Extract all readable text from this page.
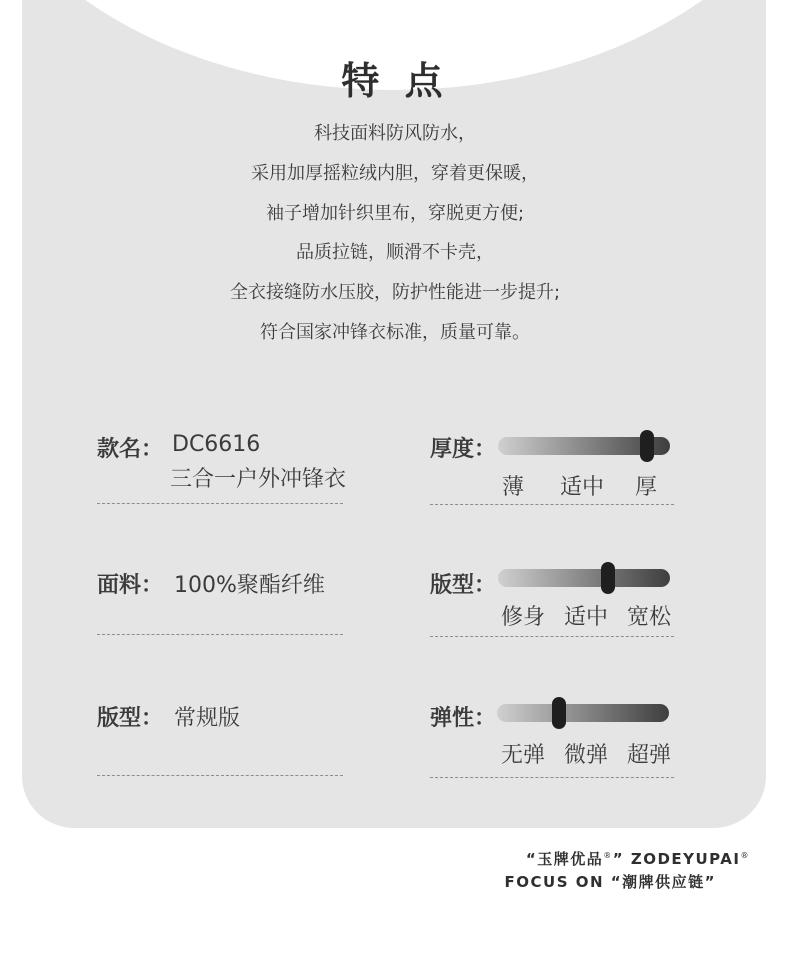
特 点
科技面料防风防水，
采用加厚摇粒绒内胆，穿着更保暖，
袖子增加针织里布，穿脱更方便;
品质拉链，顺滑不卡壳，
全衣接缝防水压胶，防护性能进一步提升;
符合国家冲锋衣标准，质量可靠。
款名： DC6616
三合一户外冲锋衣
面料： 100%聚酯纤维
版型： 常规版
厚度：
薄 适中 厚
版型：
修身 适中 宽松
弹性：
无弹 微弹 超弹
“玉牌优品®” ZODEYUPAI®
FOCUS ON “潮牌供应链”
